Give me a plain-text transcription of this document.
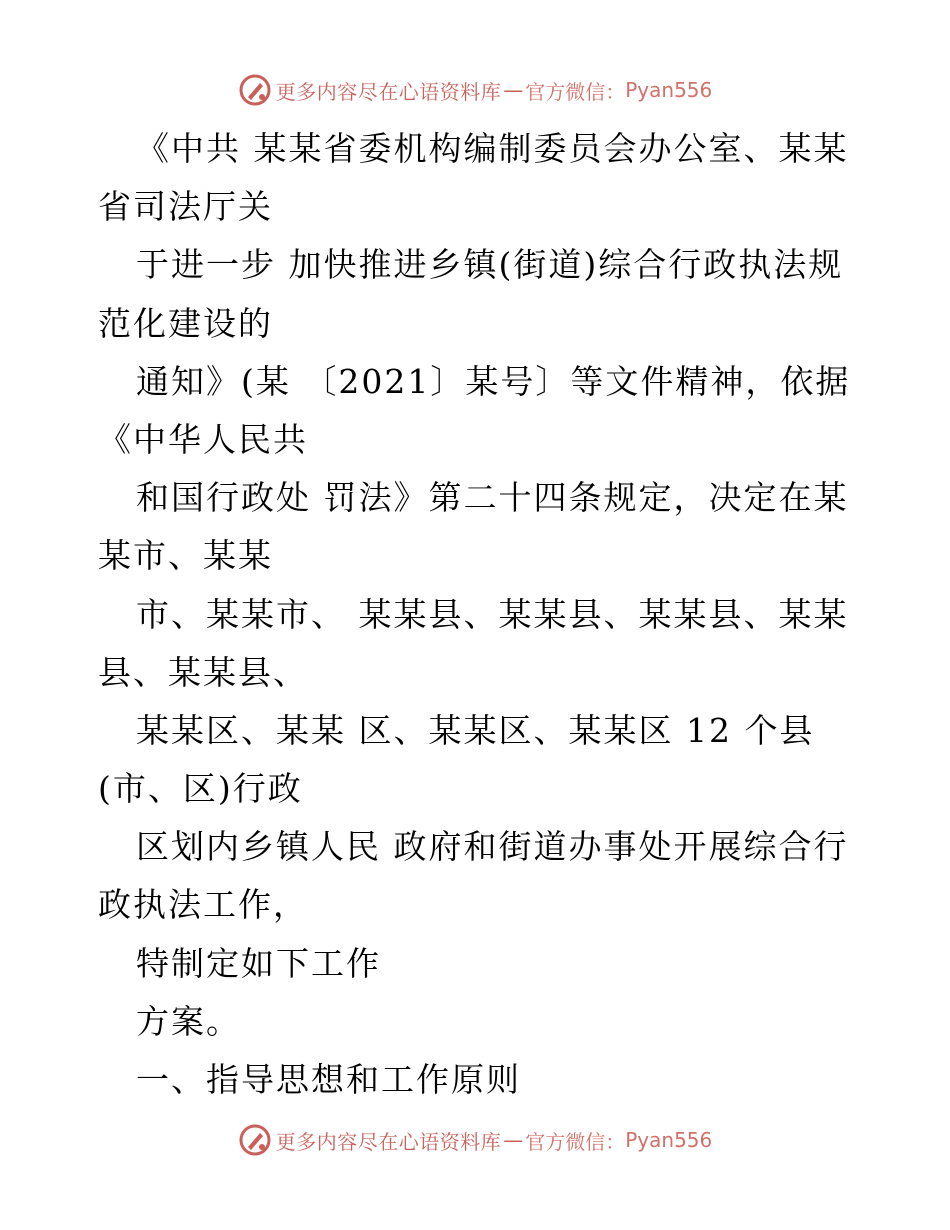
更多内容尽在心语资料库 — 官方微信： Pyan556
《中共 某某省委机构编制委员会办公室、某某
省司法厅关
于进一步 加快推进乡镇(街道)综合行政执法规
范化建设的
通知》(某 〔2021〕某号〕等文件精神，依据
《中华人民共
和国行政处 罚法》第二十四条规定，决定在某
某市、某某
市、某某市、 某某县、某某县、某某县、某某
县、某某县、
某某区、某某 区、某某区、某某区 12 个县
(市、区)行政
区划内乡镇人民 政府和街道办事处开展综合行
政执法工作，
特制定如下工作
方案。
一、指导思想和工作原则
更多内容尽在心语资料库 — 官方微信： Pyan556
